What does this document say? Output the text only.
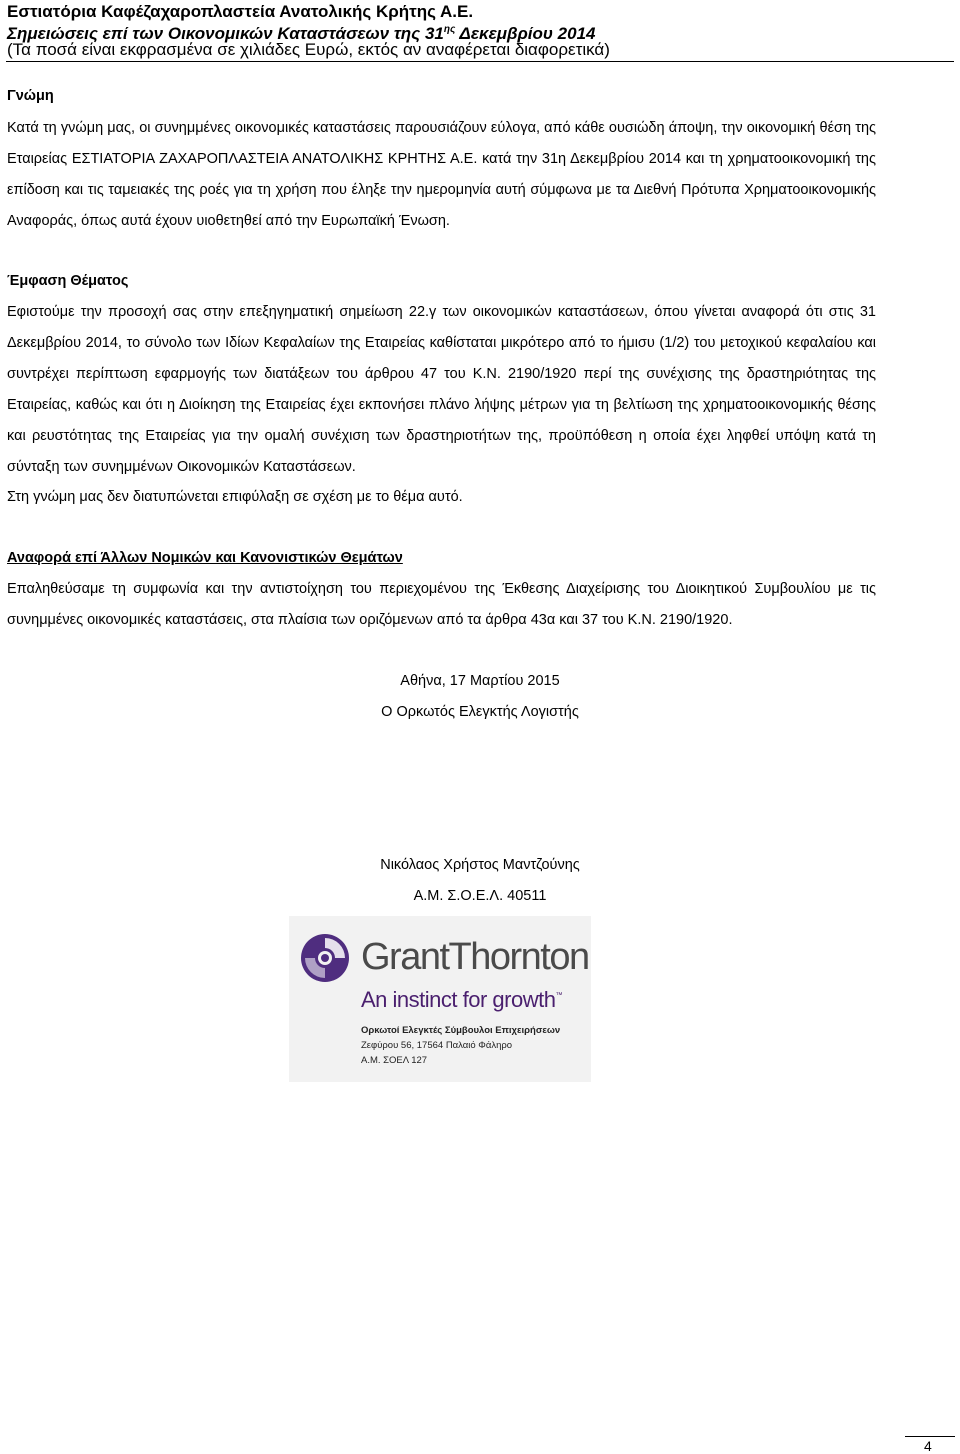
Εστιατόρια Καφέζαχαροπλαστεία Ανατολικής Κρήτης Α.Ε.
Σημειώσεις επί των Οικονομικών Καταστάσεων της $31^{\eta\varsigma}$ Δεκεμβρίου 2014
(Τα ποσά είναι εκφρασμένα σε χιλιάδες Ευρώ, εκτός αν αναφέρεται διαφορετικά)
Γνώμη
Κατά τη γνώμη μας, οι συνημμένες οικονομικές καταστάσεις παρουσιάζουν εύλογα, από κάθε ουσιώδη άποψη, την οικονομική θέση της Εταιρείας ΕΣΤΙΑΤΟΡΙΑ ΖΑΧΑΡΟΠΛΑΣΤΕΙΑ ΑΝΑΤΟΛΙΚΗΣ ΚΡΗΤΗΣ Α.Ε. κατά την 31η Δεκεμβρίου 2014 και τη χρηματοοικονομική της επίδοση και τις ταμειακές της ροές για τη χρήση που έληξε την ημερομηνία αυτή σύμφωνα με τα Διεθνή Πρότυπα Χρηματοοικονομικής Αναφοράς, όπως αυτά έχουν υιοθετηθεί από την Ευρωπαϊκή Ένωση.
Έμφαση Θέματος
Εφιστούμε την προσοχή σας στην επεξηγηματική σημείωση 22.γ των οικονομικών καταστάσεων, όπου γίνεται αναφορά ότι στις 31 Δεκεμβρίου 2014, το σύνολο των Ιδίων Κεφαλαίων της Εταιρείας καθίσταται μικρότερο από το ήμισυ (1/2) του μετοχικού κεφαλαίου και συντρέχει περίπτωση εφαρμογής των διατάξεων του άρθρου 47 του Κ.Ν. 2190/1920 περί της συνέχισης της δραστηριότητας της Εταιρείας, καθώς και ότι η Διοίκηση της Εταιρείας έχει εκπονήσει πλάνο λήψης μέτρων για τη βελτίωση της χρηματοοικονομικής θέσης και ρευστότητας της Εταιρείας για την ομαλή συνέχιση των δραστηριοτήτων της, προϋπόθεση η οποία έχει ληφθεί υπόψη κατά τη σύνταξη των συνημμένων Οικονομικών Καταστάσεων.
Στη γνώμη μας δεν διατυπώνεται επιφύλαξη σε σχέση με το θέμα αυτό.
Αναφορά επί Άλλων Νομικών και Κανονιστικών Θεμάτων
Επαληθεύσαμε τη συμφωνία και την αντιστοίχηση του περιεχομένου της Έκθεσης Διαχείρισης του Διοικητικού Συμβουλίου με τις συνημμένες οικονομικές καταστάσεις, στα πλαίσια των οριζόμενων από τα άρθρα 43α και 37 του Κ.Ν. 2190/1920.
Αθήνα, 17 Μαρτίου 2015
Ο Ορκωτός Ελεγκτής Λογιστής
Νικόλαος Χρήστος Μαντζούνης
Α.Μ. Σ.Ο.Ε.Λ. 40511
GrantThornton
An instinct for growth™
Ορκωτοί Ελεγκτές Σύμβουλοι Επιχειρήσεων
Ζεφύρου 56, 17564 Παλαιό Φάληρο
Α.Μ. ΣΟΕΛ 127
4
